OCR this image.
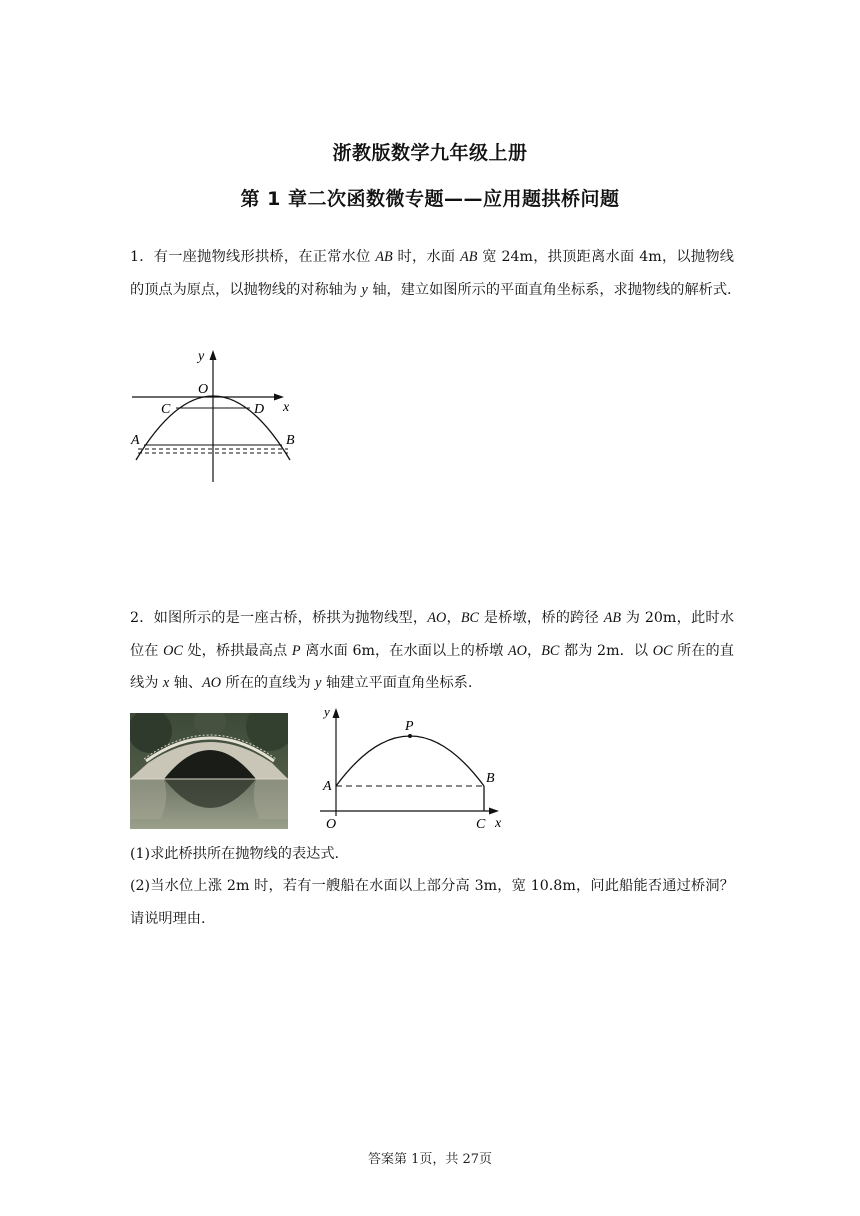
浙教版数学九年级上册
第 1 章二次函数微专题——应用题拱桥问题
1．有一座抛物线形拱桥，在正常水位 AB 时，水面 AB 宽 24m，拱顶距离水面 4m，以抛物线的顶点为原点，以抛物线的对称轴为 y 轴，建立如图所示的平面直角坐标系，求抛物线的解析式.
y
O
C	D x
A	B
2．如图所示的是一座古桥，桥拱为抛物线型，AO，BC 是桥墩，桥的跨径 AB 为 20m，此时水位在 OC 处，桥拱最高点 P 离水面 6m，在水面以上的桥墩 AO，BC 都为 2m．以 OC 所在的直线为 x 轴、AO 所在的直线为 y 轴建立平面直角坐标系.
y
P
A
B
O	C x
(1)求此桥拱所在抛物线的表达式.
(2)当水位上涨 2m 时，若有一艘船在水面以上部分高 3m，宽 10.8m，问此船能否通过桥洞？请说明理由.
答案第 1页，共 27页
